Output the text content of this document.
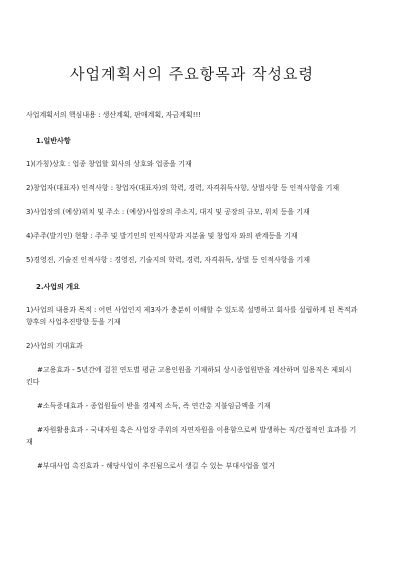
사업계획서의 주요항목과 작성요령

사업계획서의 핵심내용 : 생산계획, 판매계획, 자금계획!!!

1.일반사항

1)(가칭)상호 : 업종 창업할 회사의 상호와 업종을 기재

2)창업자(대표자) 인적사항 : 창업자(대표자)의 학력, 경력, 자격취득사항, 상벌사항 등 인적사항을 기재

3)사업장의 (예상)위치 및 주소 : (예상)사업장의 주소지, 대지 및 공장의 규모, 위치 등을 기재

4)주주(발기인) 현황 : 주주 및 발기인의 인적사항과 지분율 및 창업자 와의 관계등을 기재

5)경영진, 기술진 인적사항 : 경영진, 기술지의 학력, 경력, 자격취득, 상벌 등 인적사항을 기재

2.사업의 개요

1)사업의 내용과 목적 : 어떤 사업인지 제3자가 충분히 이해할 수 있도록 설명하고 회사를 설립하게 된 목적과 향후의 사업추진방향 등을 기재

2)사업의 기대효과

#고용효과 - 5년간에 걸친 연도별 평균 고용인원을 기재하되 상시종업원만을 계산하며 일용직은 제외시킨다

#소득증대효과 - 종업원들이 받을 경제적 소득, 즉 연간총 지불임금액을 기재

#자원활용효과 - 국내자원 혹은 사업장 주위의 자연자원을 이용함으로써 발생하는 직/간접적인 효과를 기재

#부대사업 촉진효과 - 해당사업이 추진됨으로서 생길 수 있는 부대사업을 열거
